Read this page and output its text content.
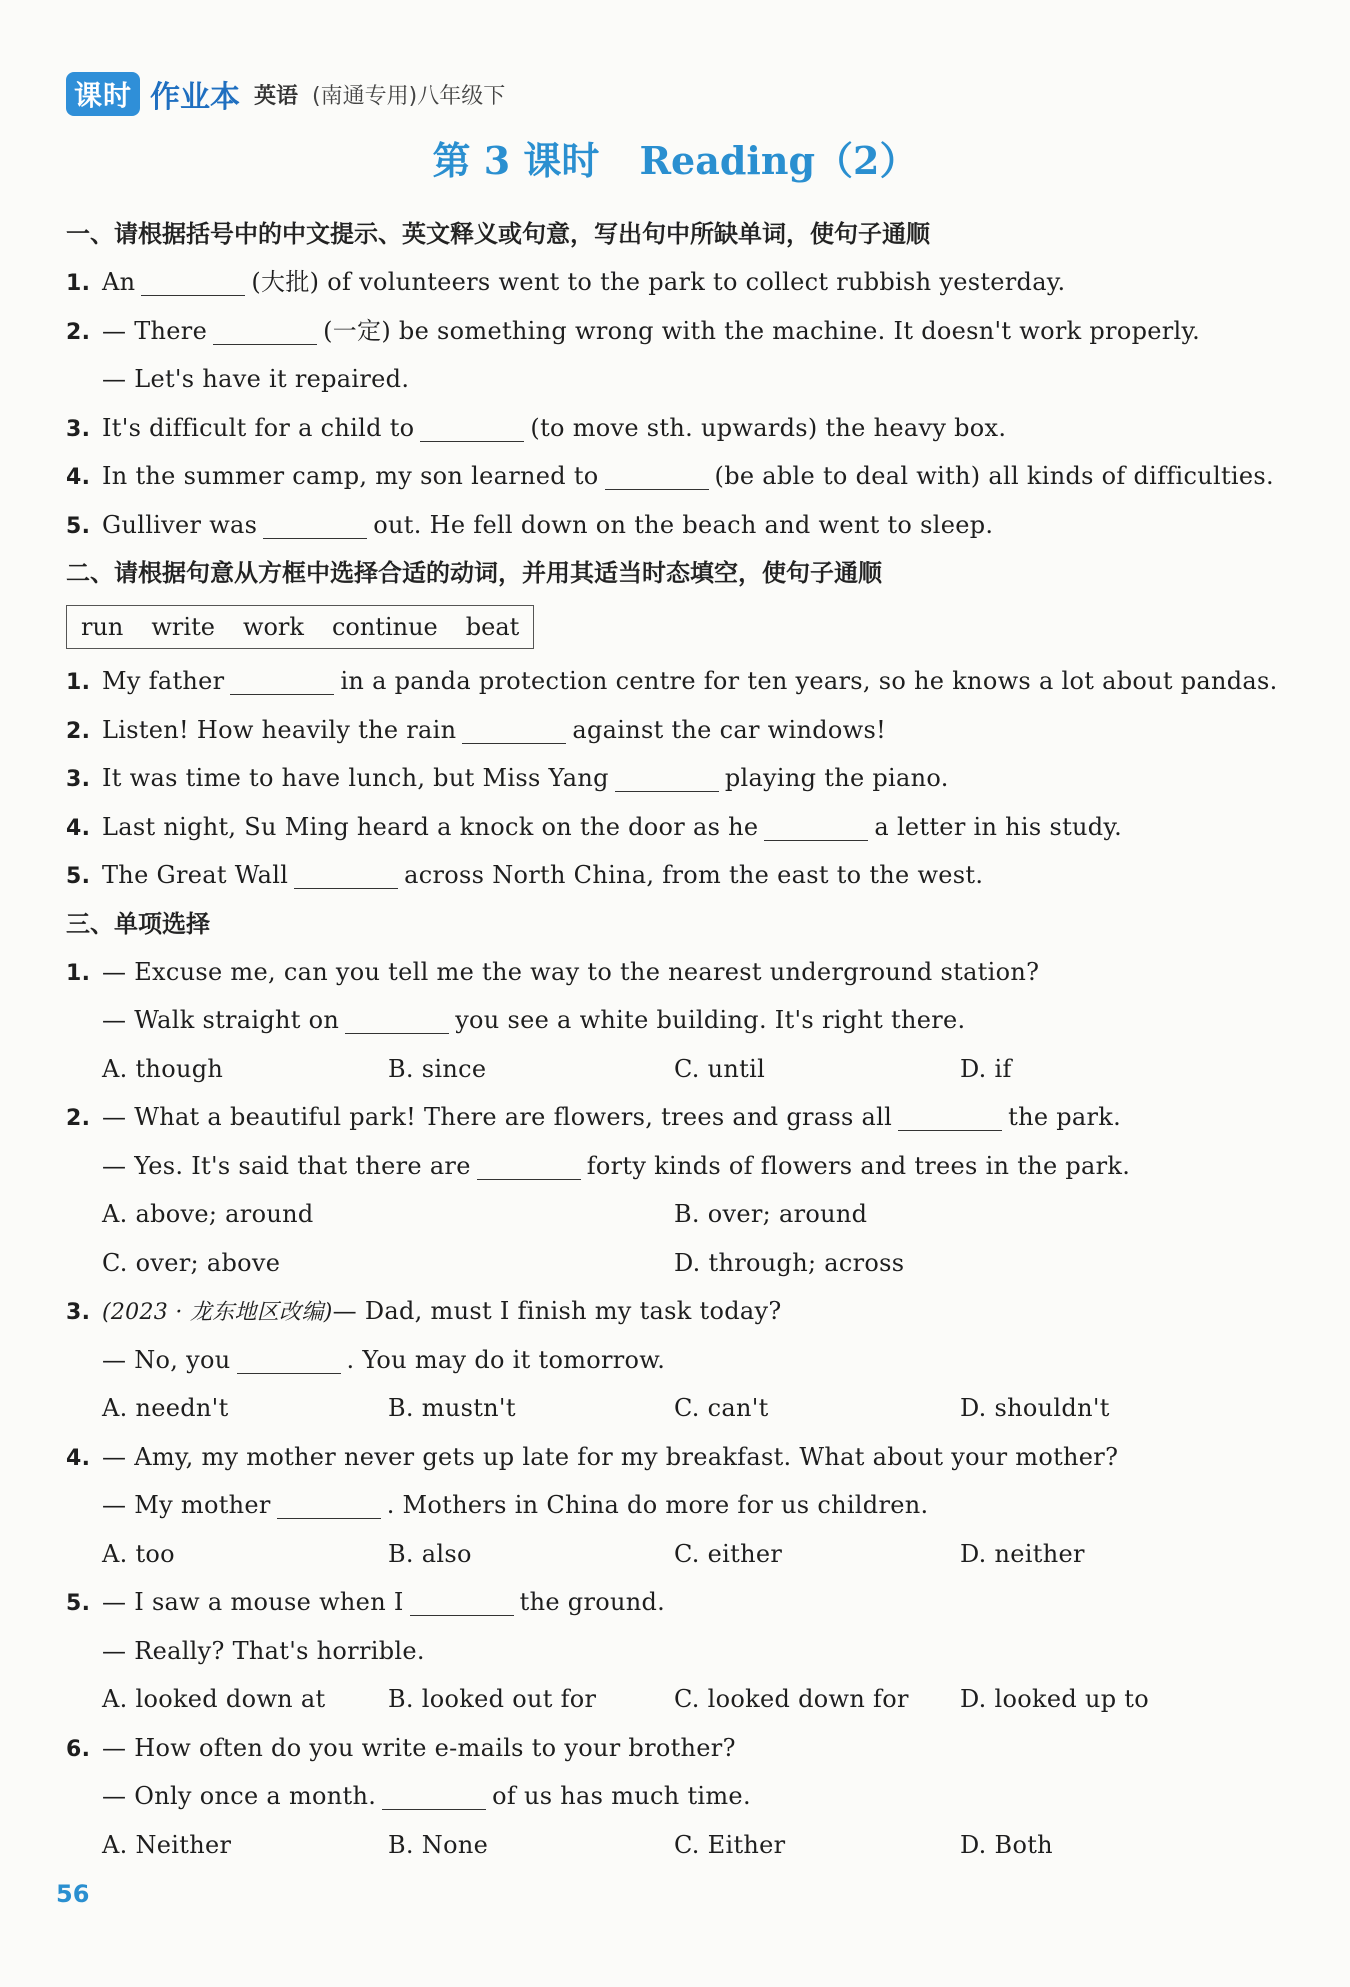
课时 作业本 英语 (南通专用)八年级下
第 3 课时 Reading（2）
一、请根据括号中的中文提示、英文释义或句意，写出句中所缺单词，使句子通顺
1. An	(大批) of volunteers went to the park to collect rubbish yesterday.
2. — There	(一定) be something wrong with the machine. It doesn't work properly.
— Let's have it repaired.
3. It's difficult for a child to	(to move sth. upwards) the heavy box.
4. In the summer camp, my son learned to	(be able to deal with) all kinds of difficulties.
5. Gulliver was	out. He fell down on the beach and went to sleep.
二、请根据句意从方框中选择合适的动词，并用其适当时态填空，使句子通顺
run write work continue beat
1. My father	in a panda protection centre for ten years, so he knows a lot about pandas.
2. Listen! How heavily the rain	against the car windows!
3. It was time to have lunch, but Miss Yang	playing the piano.
4. Last night, Su Ming heard a knock on the door as he	a letter in his study.
5. The Great Wall	across North China, from the east to the west.
三、单项选择
1. — Excuse me, can you tell me the way to the nearest underground station?
— Walk straight on	you see a white building. It's right there.
A. though	B. since	C. until	D. if
2. — What a beautiful park! There are flowers, trees and grass all	the park.
— Yes. It's said that there are	forty kinds of flowers and trees in the park.
A. above; around	B. over; around
C. over; above	D. through; across
3. (2023 · 龙东地区改编)— Dad, must I finish my task today?
— No, you	. You may do it tomorrow.
A. needn't	B. mustn't	C. can't	D. shouldn't
4. — Amy, my mother never gets up late for my breakfast. What about your mother?
— My mother	. Mothers in China do more for us children.
A. too	B. also	C. either	D. neither
5. — I saw a mouse when I	the ground.
— Really? That's horrible.
A. looked down at	B. looked out for	C. looked down for	D. looked up to
6. — How often do you write e-mails to your brother?
— Only once a month.	of us has much time.
A. Neither	B. None	C. Either	D. Both
56
